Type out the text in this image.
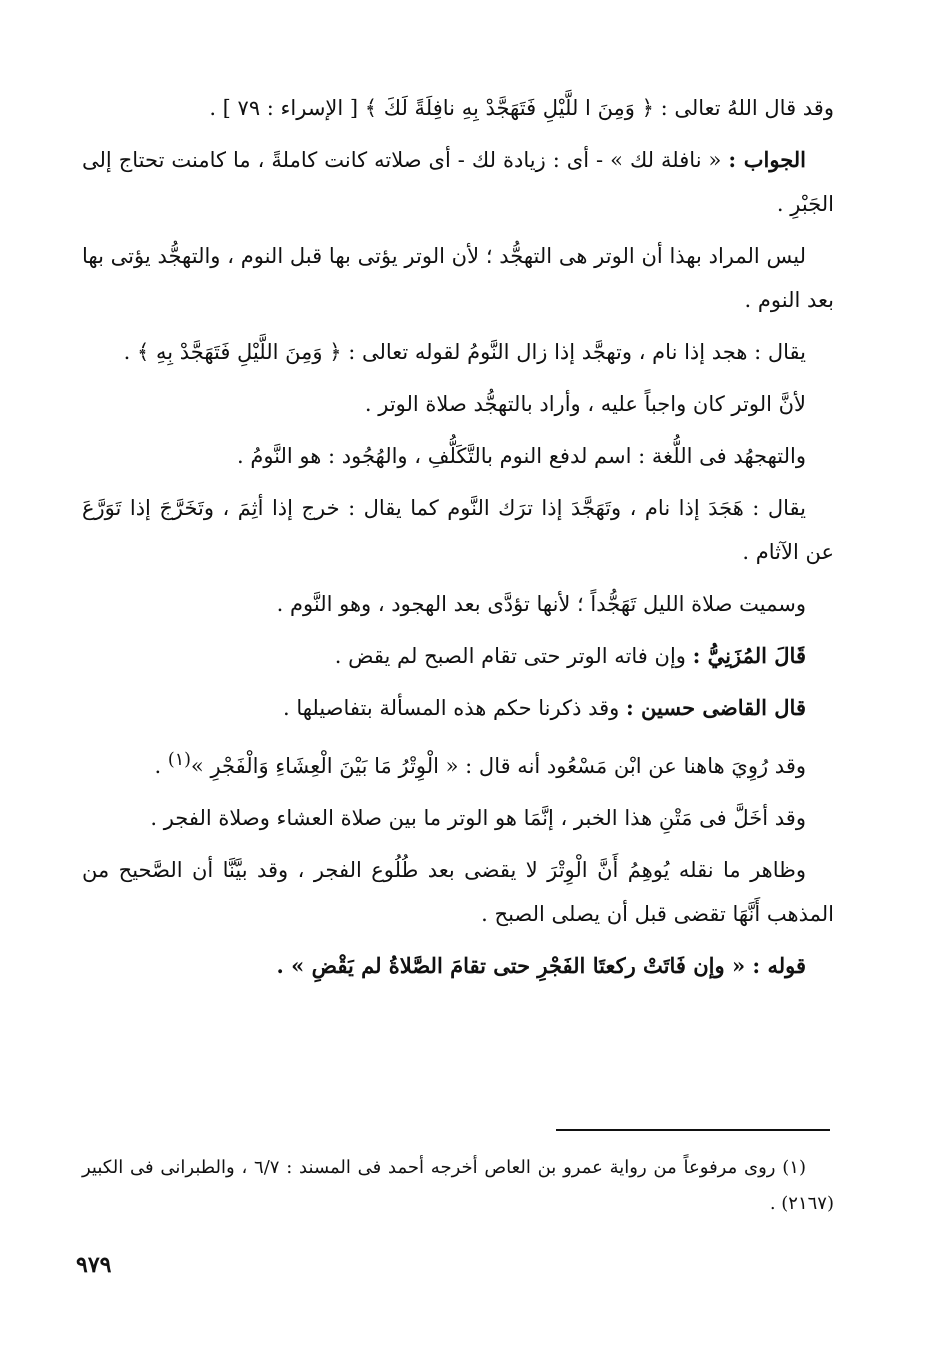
وقد قال اللهُ تعالى : ﴿ وَمِنَ ا للَّيْلِ فَتَهَجَّدْ بِهِ نافِلَةً لَكَ ﴾ [ الإسراء : ٧٩ ] .

الجواب : « نافلة لك » - أى : زيادة لك - أى صلاته كانت كاملةً ، ما كامنت تحتاج إلى الجَبْرِ .

ليس المراد بهذا أن الوتر هى التهجُّد ؛ لأن الوتر يؤتى بها قبل النوم ، والتهجُّد يؤتى بها بعد النوم .

يقال : هجد إذا نام ، وتهجَّد إذا زال النَّومُ لقوله تعالى : ﴿ وَمِنَ اللَّيْلِ فَتَهَجَّدْ بِهِ ﴾ .

لأنَّ الوتر كان واجباً عليه ، وأراد بالتهجُّد صلاة الوتر .

والتهجهُد فى اللُّغة : اسم لدفع النوم بالتَّكَلُّفِ ، والهُجُود : هو النَّومُ .

يقال : هَجَدَ إذا نام ، وتَهَجَّدَ إذا ترَك النَّوم كما يقال : خرج إذا أثِمَ ، وتَخَرَّجَ إذا تَوَرَّعَ عن الآثام .

وسميت صلاة الليل تَهَجُّداً ؛ لأنها تؤدَّى بعد الهجود ، وهو النَّوم .

قَالَ المُزَنِيُّ : وإن فاته الوتر حتى تقام الصبح لم يقض .

قال القاضى حسين : وقد ذكرنا حكم هذه المسألة بتفاصيلها .

وقد رُوِيَ هاهنا عن ابْن مَسْعُود أنه قال : « الْوِتْرُ مَا بَيْنَ الْعِشَاءِ وَالْفَجْرِ »$^{(١)}$ .

وقد أخَلَّ فى مَتْنِ هذا الخبر ، إنَّمَا هو الوتر ما بين صلاة العشاء وصلاة الفجر .

وظاهر ما نقله يُوهِمُ أَنَّ الْوِتْرَ لا يقضى بعد طُلُوع الفجر ، وقد بيَّنَّا أن الصَّحيح من المذهب أَنَّهَا تقضى قبل أن يصلى الصبح .

قوله : « وإن فَاتَتْ ركعتَا الفَجْرِ حتى تقامَ الصَّلاةُ لم يَقْضِ » .

(١) روى مرفوعاً من رواية عمرو بن العاص أخرجه أحمد فى المسند : ٦/٧ ، والطبرانى فى الكبير (٢١٦٧) .

٩٧٩
